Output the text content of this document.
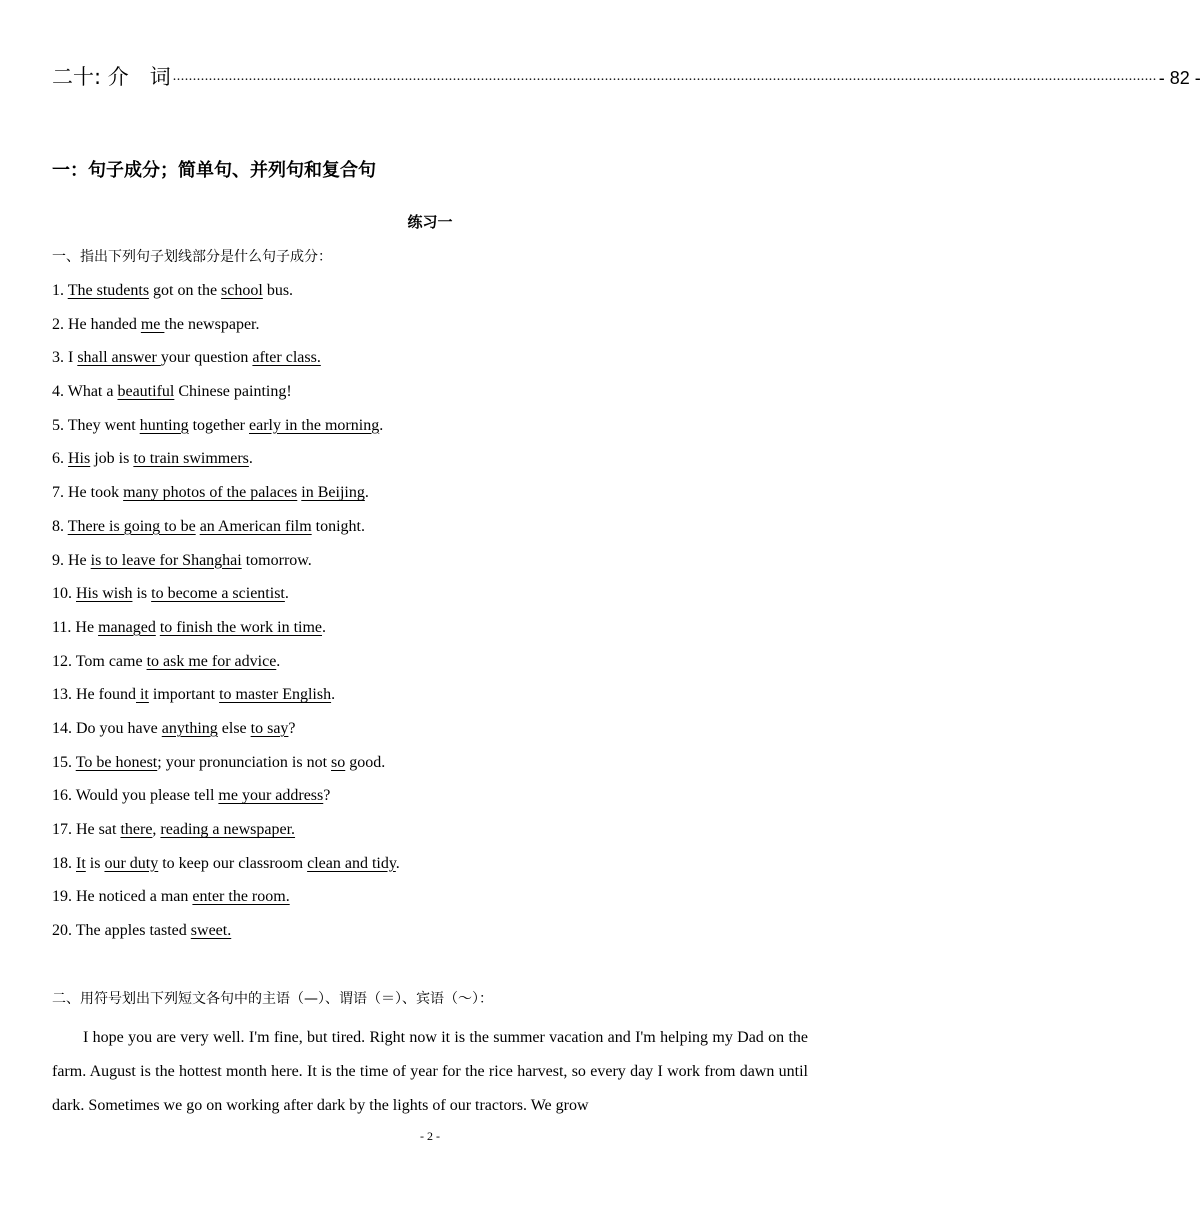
二十: 介　词 ...................................................................................................................................................................................................................................................... - 82 -
一：句子成分；简单句、并列句和复合句
练习一
一、指出下列句子划线部分是什么句子成分：
1. The students got on the school bus.
2. He handed me the newspaper.
3. I shall answer your question after class.
4. What a beautiful Chinese painting!
5. They went hunting together early in the morning.
6. His job is to train swimmers.
7. He took many photos of the palaces in Beijing.
8. There is going to be an American film tonight.
9. He is to leave for Shanghai tomorrow.
10. His wish is to become a scientist.
11. He managed to finish the work in time.
12. Tom came to ask me for advice.
13. He found it important to master English.
14. Do you have anything else to say?
15. To be honest; your pronunciation is not so good.
16. Would you please tell me your address?
17. He sat there, reading a newspaper.
18. It is our duty to keep our classroom clean and tidy.
19. He noticed a man enter the room.
20. The apples tasted sweet.
二、用符号划出下列短文各句中的主语（—）、谓语（＝）、宾语（～）：

I hope you are very well. I'm fine, but tired. Right now it is the summer vacation and I'm helping my Dad on the farm. August is the hottest month here. It is the time of year for the rice harvest, so every day I work from dawn until dark. Sometimes we go on working after dark by the lights of our tractors. We grow

- 2 -
